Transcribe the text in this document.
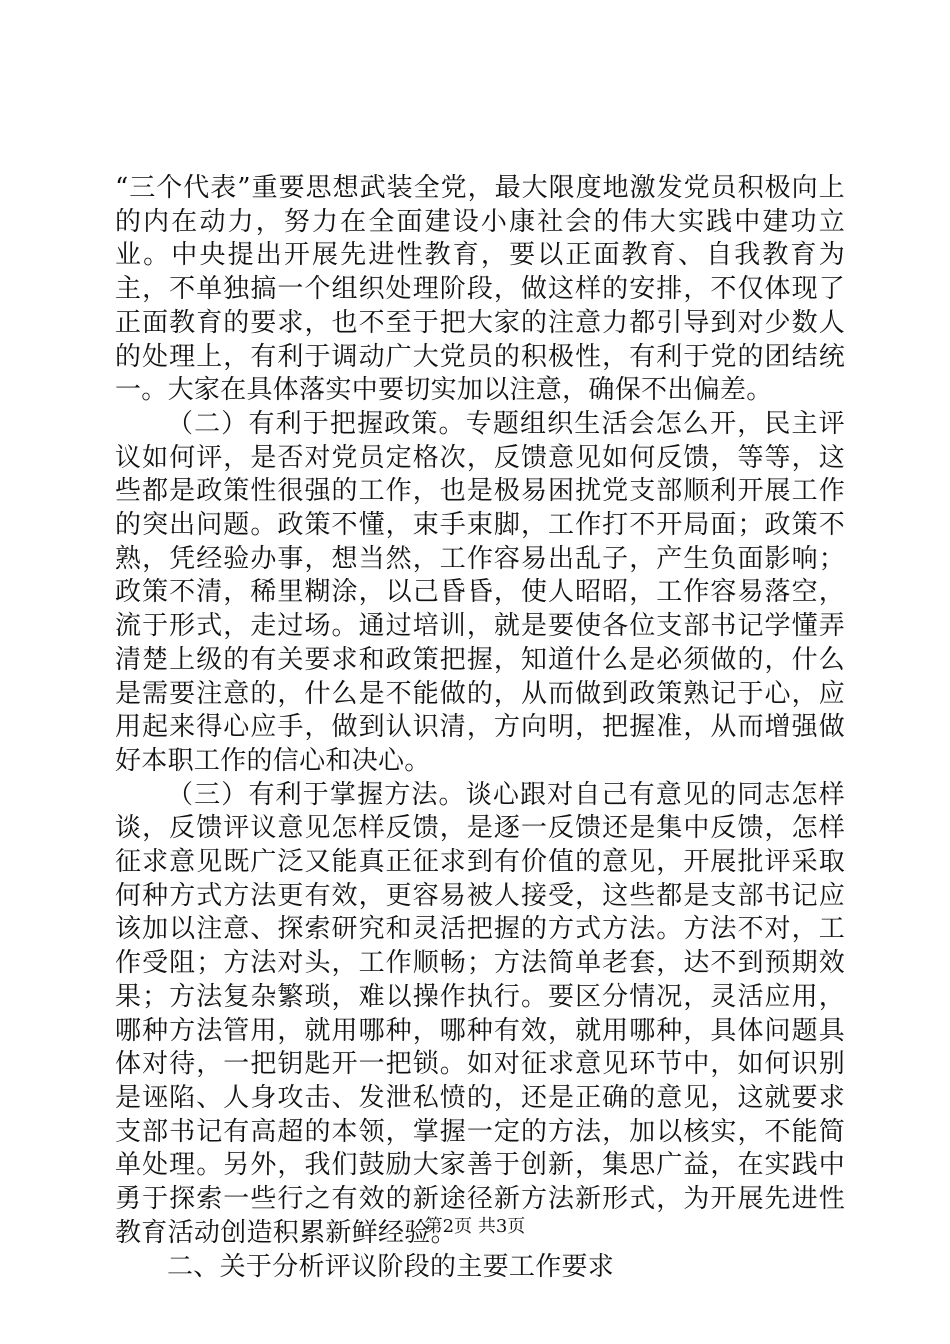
“三个代表”重要思想武装全党，最大限度地激发党员积极向上的内在动力，努力在全面建设小康社会的伟大实践中建功立业。中央提出开展先进性教育，要以正面教育、自我教育为主，不单独搞一个组织处理阶段，做这样的安排，不仅体现了正面教育的要求，也不至于把大家的注意力都引导到对少数人的处理上，有利于调动广大党员的积极性，有利于党的团结统一。大家在具体落实中要切实加以注意，确保不出偏差。

（二）有利于把握政策。专题组织生活会怎么开，民主评议如何评，是否对党员定格次，反馈意见如何反馈，等等，这些都是政策性很强的工作，也是极易困扰党支部顺利开展工作的突出问题。政策不懂，束手束脚，工作打不开局面；政策不熟，凭经验办事，想当然，工作容易出乱子，产生负面影响；政策不清，稀里糊涂，以己昏昏，使人昭昭，工作容易落空，流于形式，走过场。通过培训，就是要使各位支部书记学懂弄清楚上级的有关要求和政策把握，知道什么是必须做的，什么是需要注意的，什么是不能做的，从而做到政策熟记于心，应用起来得心应手，做到认识清，方向明，把握准，从而增强做好本职工作的信心和决心。

（三）有利于掌握方法。谈心跟对自己有意见的同志怎样谈，反馈评议意见怎样反馈，是逐一反馈还是集中反馈，怎样征求意见既广泛又能真正征求到有价值的意见，开展批评采取何种方式方法更有效，更容易被人接受，这些都是支部书记应该加以注意、探索研究和灵活把握的方式方法。方法不对，工作受阻；方法对头，工作顺畅；方法简单老套，达不到预期效果；方法复杂繁琐，难以操作执行。要区分情况，灵活应用，哪种方法管用，就用哪种，哪种有效，就用哪种，具体问题具体对待，一把钥匙开一把锁。如对征求意见环节中，如何识别是诬陷、人身攻击、发泄私愤的，还是正确的意见，这就要求支部书记有高超的本领，掌握一定的方法，加以核实，不能简单处理。另外，我们鼓励大家善于创新，集思广益，在实践中勇于探索一些行之有效的新途径新方法新形式，为开展先进性教育活动创造积累新鲜经验。

二、关于分析评议阶段的主要工作要求

第2页 共3页
